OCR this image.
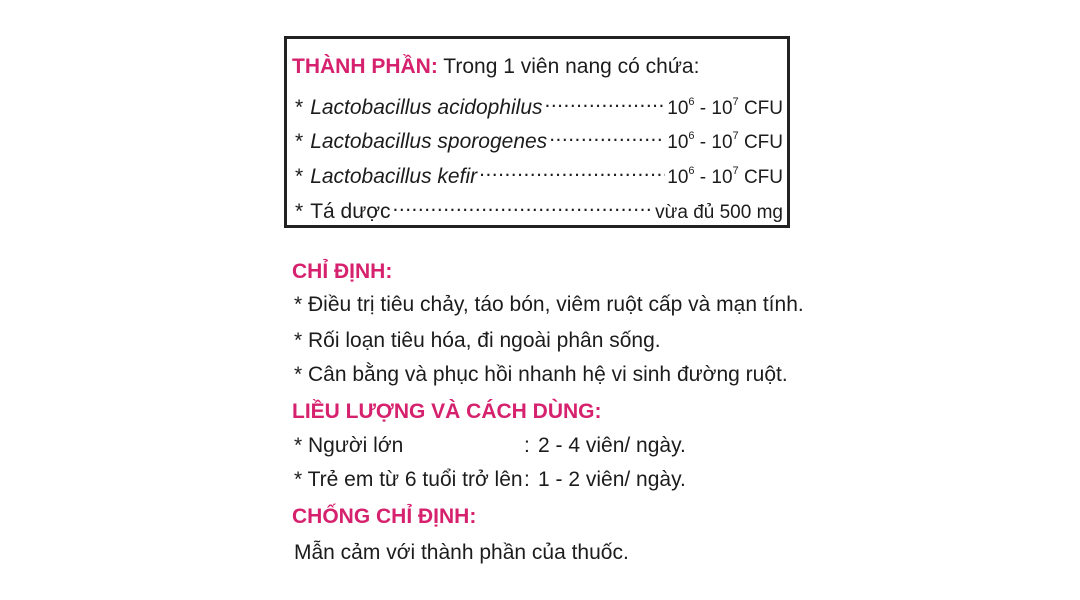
THÀNH PHẦN: Trong 1 viên nang có chứa:
* Lactobacillus acidophilus .....	$10^6 - 10^7$ CFU
* Lactobacillus sporogenes .....	$10^6 - 10^7$ CFU
* Lactobacillus kefir .....	$10^6 - 10^7$ CFU
* Tá dược .....	vừa đủ 500 mg
CHỈ ĐỊNH:
* Điều trị tiêu chảy, táo bón, viêm ruột cấp và mạn tính.
* Rối loạn tiêu hóa, đi ngoài phân sống.
* Cân bằng và phục hồi nhanh hệ vi sinh đường ruột.
LIỀU LƯỢNG VÀ CÁCH DÙNG:
* Người lớn	: 2 - 4 viên/ ngày.
* Trẻ em từ 6 tuổi trở lên : 1 - 2 viên/ ngày.
CHỐNG CHỈ ĐỊNH:
Mẫn cảm với thành phần của thuốc.
